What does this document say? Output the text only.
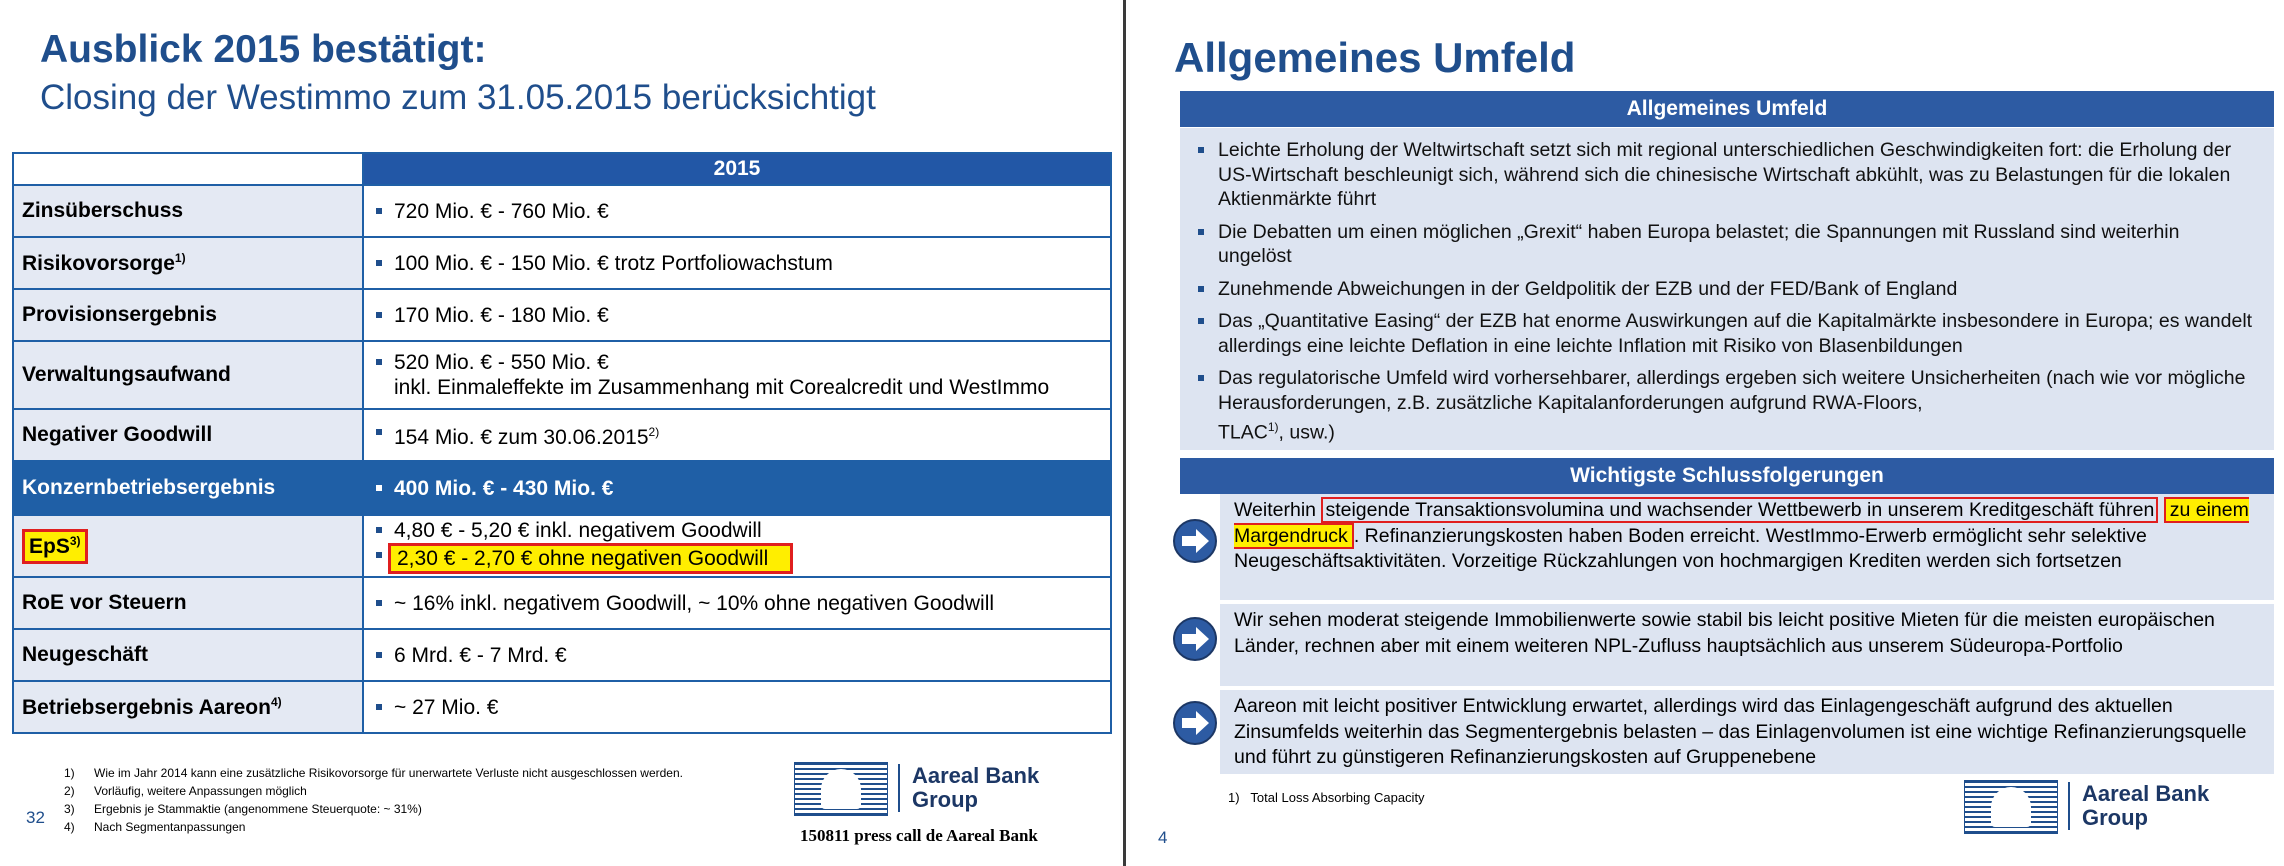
Ausblick 2015 bestätigt:
Closing der Westimmo zum 31.05.2015 berücksichtigt
	2015
Zinsüberschuss	720 Mio. € - 760 Mio. €

Risikovorsorge$^{1)}$	100 Mio. € - 150 Mio. € trotz Portfoliowachstum

Provisionsergebnis	170 Mio. € - 180 Mio. €

Verwaltungsaufwand	520 Mio. € - 550 Mio. €
inkl. Einmaleffekte im Zusammenhang mit Corealcredit und WestImmo

Negativer Goodwill	154 Mio. € zum 30.06.2015$^{2)}$

Konzernbetriebsergebnis	400 Mio. € - 430 Mio. €

EpS$^{3)}$	4,80 € - 5,20 € inkl. negativem Goodwill
2,30 € - 2,70 € ohne negativen Goodwill

RoE vor Steuern	~ 16% inkl. negativem Goodwill, ~ 10% ohne negativen Goodwill

Neugeschäft	6 Mrd. € - 7 Mrd. €

Betriebsergebnis Aareon$^{4)}$	~ 27 Mio. €
1) Wie im Jahr 2014 kann eine zusätzliche Risikovorsorge für unerwartete Verluste nicht ausgeschlossen werden.
2) Vorläufig, weitere Anpassungen möglich
3) Ergebnis je Stammaktie (angenommene Steuerquote: ~ 31%)
4) Nach Segmentanpassungen
32
Aareal Bank
Group
150811 press call de Aareal Bank
Allgemeines Umfeld
Allgemeines Umfeld
Leichte Erholung der Weltwirtschaft setzt sich mit regional unterschiedlichen Geschwindigkeiten fort: die Erholung der US-Wirtschaft beschleunigt sich, während sich die chinesische Wirtschaft abkühlt, was zu Belastungen für die lokalen Aktienmärkte führt
Die Debatten um einen möglichen „Grexit“ haben Europa belastet; die Spannungen mit Russland sind weiterhin ungelöst
Zunehmende Abweichungen in der Geldpolitik der EZB und der FED/Bank of England
Das „Quantitative Easing“ der EZB hat enorme Auswirkungen auf die Kapitalmärkte insbesondere in Europa; es wandelt allerdings eine leichte Deflation in eine leichte Inflation mit Risiko von Blasenbildungen
Das regulatorische Umfeld wird vorhersehbarer, allerdings ergeben sich weitere Unsicherheiten (nach wie vor mögliche Herausforderungen, z.B. zusätzliche Kapitalanforderungen aufgrund RWA-Floors,
TLAC$^{1)}$, usw.)
Wichtigste Schlussfolgerungen
Weiterhin steigende Transaktionsvolumina und wachsender Wettbewerb in unserem Kreditgeschäft führen zu einem Margendruck . Refinanzierungskosten haben Boden erreicht. WestImmo-Erwerb ermöglicht sehr selektive Neugeschäftsaktivitäten. Vorzeitige Rückzahlungen von hochmargigen Krediten werden sich fortsetzen
Wir sehen moderat steigende Immobilienwerte sowie stabil bis leicht positive Mieten für die meisten europäischen Länder, rechnen aber mit einem weiteren NPL-Zufluss hauptsächlich aus unserem Südeuropa-Portfolio
Aareon mit leicht positiver Entwicklung erwartet, allerdings wird das Einlagengeschäft aufgrund des aktuellen Zinsumfelds weiterhin das Segmentergebnis belasten – das Einlagenvolumen ist eine wichtige Refinanzierungsquelle und führt zu günstigeren Refinanzierungskosten auf Gruppenebene
1) Total Loss Absorbing Capacity
4
Aareal Bank
Group
